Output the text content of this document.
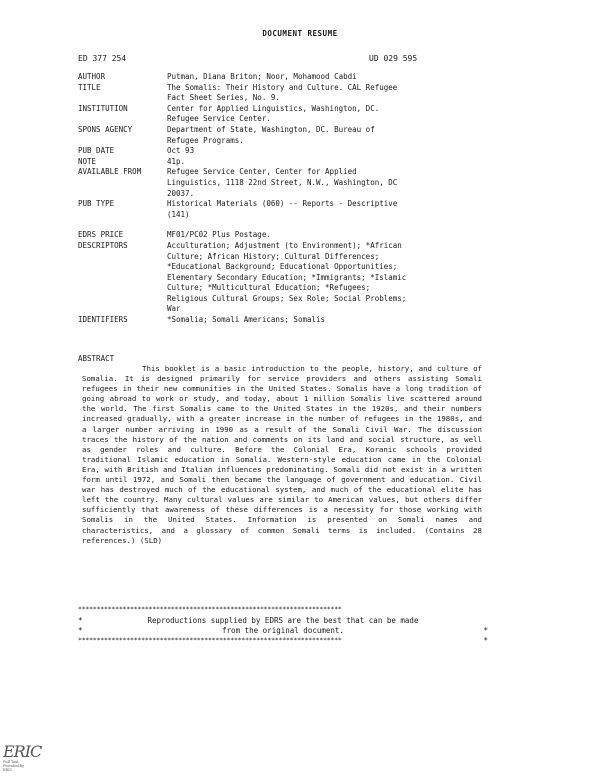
DOCUMENT RESUME
ED 377 254	UD 029 595
AUTHOR	Putman, Diana Briton; Noor, Mohamood Cabdi
TITLE	The Somalis: Their History and Culture. CAL Refugee
Fact Sheet Series, No. 9.
INSTITUTION	Center for Applied Linguistics, Washington, DC.
Refugee Service Center.
SPONS AGENCY	Department of State, Washington, DC. Bureau of
Refugee Programs.
PUB DATE	Oct 93
NOTE	41p.
AVAILABLE FROM	Refugee Service Center, Center for Applied
Linguistics, 1118 22nd Street, N.W., Washington, DC
20037.
PUB TYPE	Historical Materials (060) -- Reports - Descriptive
(141)
EDRS PRICE	MF01/PC02 Plus Postage.
DESCRIPTORS	Acculturation; Adjustment (to Environment); *African
Culture; African History; Cultural Differences;
*Educational Background; Educational Opportunities;
Elementary Secondary Education; *Immigrants; *Islamic
Culture; *Multicultural Education; *Refugees;
Religious Cultural Groups; Sex Role; Social Problems;
War
IDENTIFIERS	*Somalia; Somali Americans; Somalis
ABSTRACT
This booklet is a basic introduction to the people, history, and culture of Somalia. It is designed primarily for service providers and others assisting Somali refugees in their new communities in the United States. Somalis have a long tradition of going abroad to work or study, and today, about 1 million Somalis live scattered around the world. The first Somalis came to the United States in the 1920s, and their numbers increased gradually, with a greater increase in the number of refugees in the 1980s, and a larger number arriving in 1990 as a result of the Somali Civil War. The discussion traces the history of the nation and comments on its land and social structure, as well as gender roles and culture. Before the Colonial Era, Koranic schools provided traditional Islamic education in Somalia. Western-style education came in the Colonial Era, with British and Italian influences predominating. Somali did not exist in a written form until 1972, and Somali then became the language of government and education. Civil war has destroyed much of the educational system, and much of the educational elite has left the country. Many cultural values are similar to American values, but others differ sufficiently that awareness of these differences is a necessity for those working with Somalis in the United States. Information is presented on Somali names and characteristics, and a glossary of common Somali terms is included. (Contains 28 references.) (SLD)
***********************************************************************
*	Reproductions supplied by EDRS are the best that can be made
*
*	from the original document.
*
***********************************************************************
ERIC
Full Text Provided by ERIC
